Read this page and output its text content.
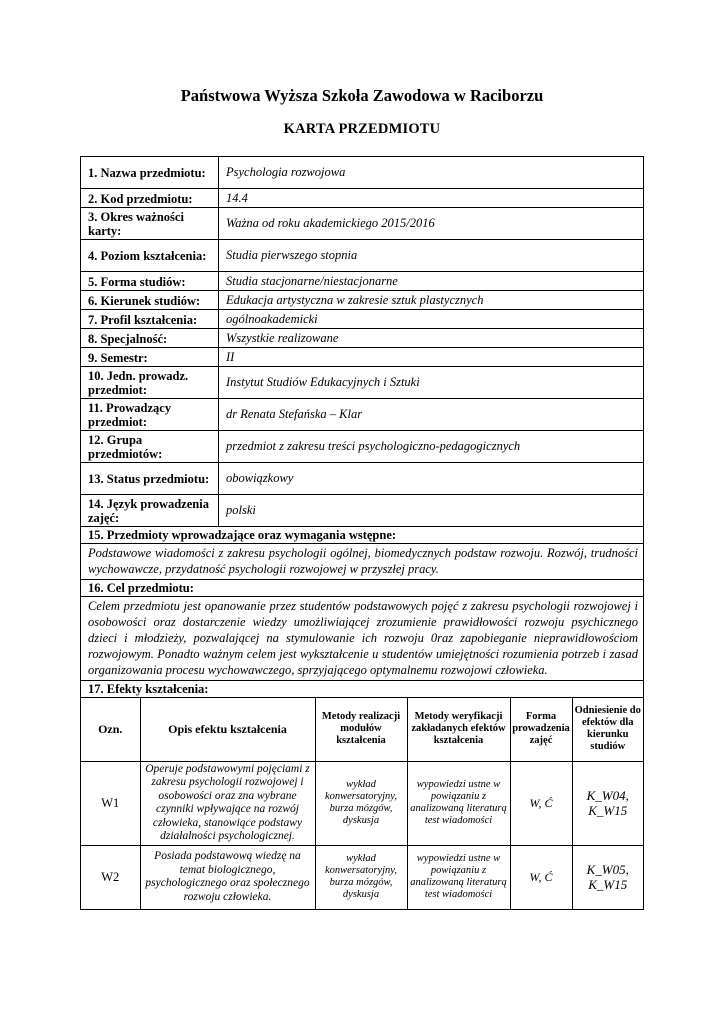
Państwowa Wyższa Szkoła Zawodowa w Raciborzu
KARTA PRZEDMIOTU
1. Nazwa przedmiotu:	Psychologia rozwojowa
2. Kod przedmiotu:	14.4
3. Okres ważności karty:
Ważna od roku akademickiego 2015/2016
4. Poziom kształcenia:	Studia pierwszego stopnia
5. Forma studiów:	Studia stacjonarne/niestacjonarne
6. Kierunek studiów:	Edukacja artystyczna w zakresie sztuk plastycznych
7. Profil kształcenia:	ogólnoakademicki
8. Specjalność:	Wszystkie realizowane
9. Semestr:	II
10. Jedn. prowadz. przedmiot:
Instytut Studiów Edukacyjnych i Sztuki
11. Prowadzący przedmiot:
dr Renata Stefańska – Klar
12. Grupa przedmiotów:
przedmiot z zakresu treści psychologiczno-pedagogicznych
13. Status przedmiotu:	obowiązkowy
14. Język prowadzenia zajęć:
polski
15. Przedmioty wprowadzające oraz wymagania wstępne:
Podstawowe wiadomości z zakresu psychologii ogólnej, biomedycznych podstaw rozwoju. Rozwój, trudności wychowawcze, przydatność psychologii rozwojowej w przyszłej pracy.
16. Cel przedmiotu:
Celem przedmiotu jest opanowanie przez studentów podstawowych pojęć z zakresu psychologii rozwojowej i osobowości oraz dostarczenie wiedzy umożliwiającej zrozumienie prawidłowości rozwoju psychicznego dzieci i młodzieży, pozwalającej na stymulowanie ich rozwoju 0raz zapobieganie nieprawidłowościom rozwojowym. Ponadto ważnym celem jest wykształcenie u studentów umiejętności rozumienia potrzeb i zasad organizowania procesu wychowawczego, sprzyjającego optymalnemu rozwojowi człowieka.
17. Efekty kształcenia:
Ozn.	Opis efektu kształcenia	Metody realizacji modułów kształcenia	Metody weryfikacji zakładanych efektów kształcenia	Forma prowadzenia zajęć	Odniesienie do efektów dla kierunku studiów
W1	Operuje podstawowymi pojęciami z zakresu psychologii rozwojowej i osobowości oraz zna wybrane czynniki wpływające na rozwój człowieka, stanowiące podstawy działalności psychologicznej.	wykład konwersatoryjny, burza mózgów, dyskusja	wypowiedzi ustne w powiązaniu z analizowaną literaturą test wiadomości	W, Ć	K_W04, K_W15
W2	Posiada podstawową wiedzę na temat biologicznego, psychologicznego oraz społecznego rozwoju człowieka.	wykład konwersatoryjny, burza mózgów, dyskusja	wypowiedzi ustne w powiązaniu z analizowaną literaturą test wiadomości	W, Ć	K_W05, K_W15
